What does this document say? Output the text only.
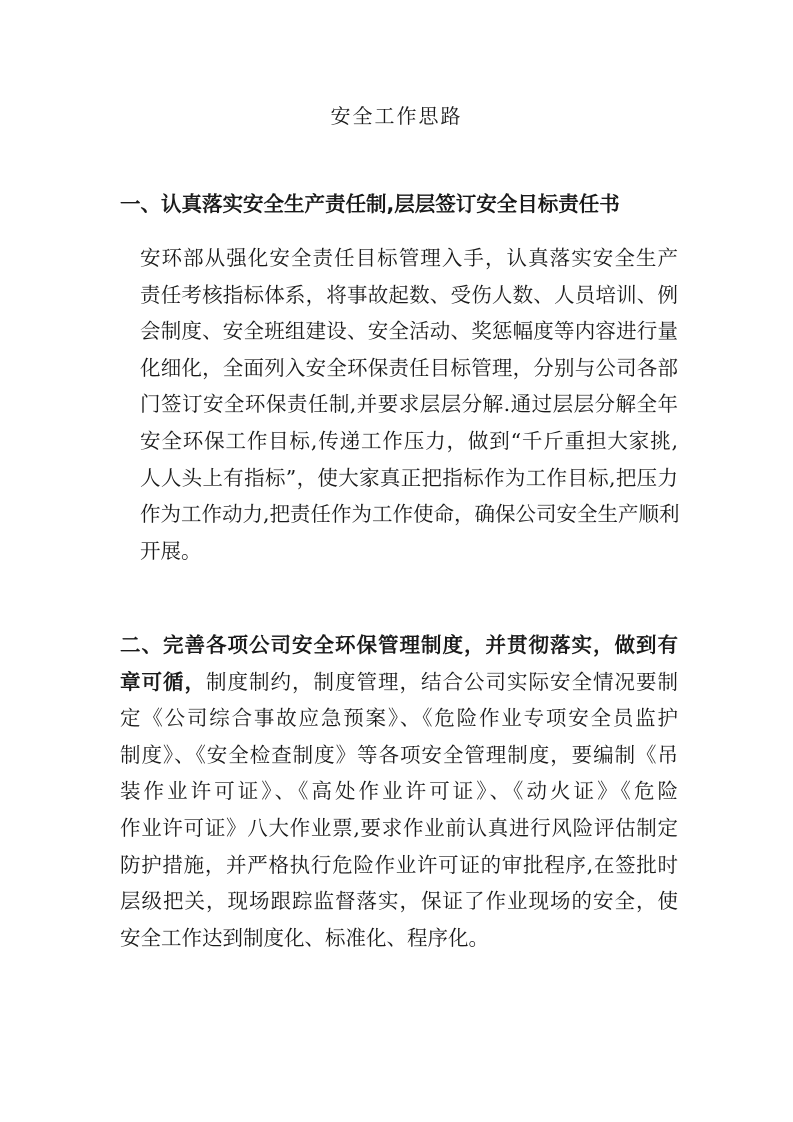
安全工作思路
一、认真落实安全生产责任制,层层签订安全目标责任书
安环部从强化安全责任目标管理入手，认真落实安全生产
责任考核指标体系，将事故起数、受伤人数、人员培训、例
会制度、安全班组建设、安全活动、奖惩幅度等内容进行量
化细化，全面列入安全环保责任目标管理，分别与公司各部
门签订安全环保责任制,并要求层层分解.通过层层分解全年
安全环保工作目标,传递工作压力，做到“千斤重担大家挑,
人人头上有指标”，使大家真正把指标作为工作目标,把压力
作为工作动力,把责任作为工作使命，确保公司安全生产顺利
开展。
二、完善各项公司安全环保管理制度，并贯彻落实，做到有
章可循，制度制约，制度管理，结合公司实际安全情况要制
定《公司综合事故应急预案》、《危险作业专项安全员监护
制度》、《安全检查制度》等各项安全管理制度，要编制《吊
装作业许可证》、《高处作业许可证》、《动火证》《危险
作业许可证》八大作业票,要求作业前认真进行风险评估制定
防护措施，并严格执行危险作业许可证的审批程序,在签批时
层级把关，现场跟踪监督落实，保证了作业现场的安全，使
安全工作达到制度化、标准化、程序化。
